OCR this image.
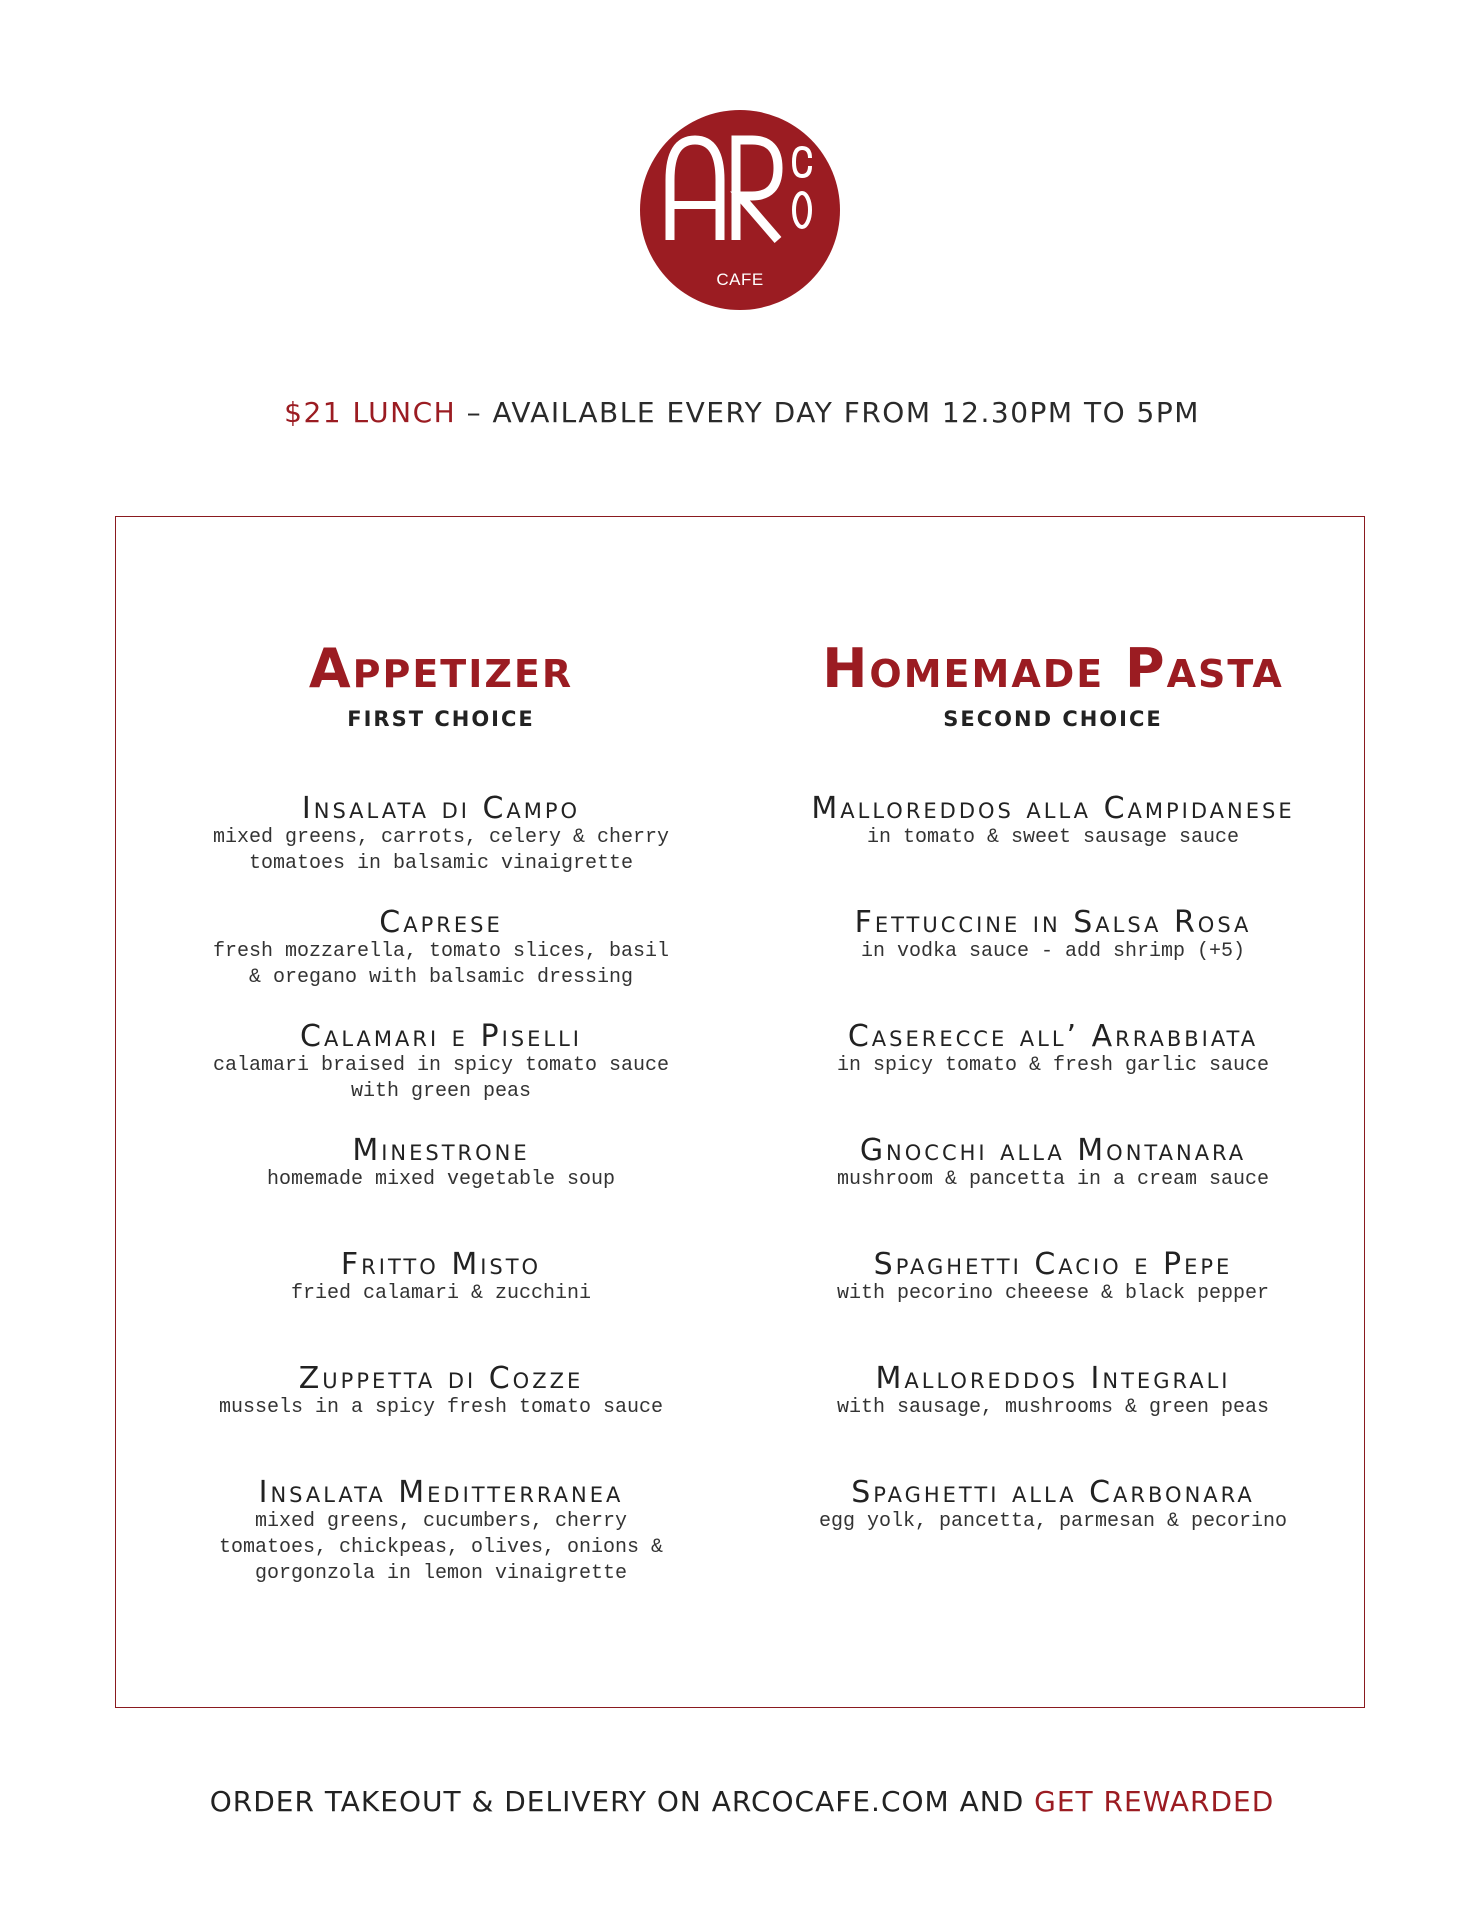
CAFE
$21 LUNCH – AVAILABLE EVERY DAY FROM 12.30PM TO 5PM
Appetizer
FIRST CHOICE
Insalata di Campo
mixed greens, carrots, celery & cherry tomatoes in balsamic vinaigrette
Caprese
fresh mozzarella, tomato slices, basil & oregano with balsamic dressing
Calamari e Piselli
calamari braised in spicy tomato sauce with green peas
Minestrone
homemade mixed vegetable soup
Fritto Misto
fried calamari & zucchini
Zuppetta di Cozze
mussels in a spicy fresh tomato sauce
Insalata Meditterranea
mixed greens, cucumbers, cherry tomatoes, chickpeas, olives, onions & gorgonzola in lemon vinaigrette
Homemade Pasta
SECOND CHOICE
Malloreddos alla Campidanese
in tomato & sweet sausage sauce
Fettuccine in Salsa Rosa
in vodka sauce - add shrimp (+5)
Caserecce all’ Arrabbiata
in spicy tomato & fresh garlic sauce
Gnocchi alla Montanara
mushroom & pancetta in a cream sauce
Spaghetti Cacio e Pepe
with pecorino cheeese & black pepper
Malloreddos Integrali
with sausage, mushrooms & green peas
Spaghetti alla Carbonara
egg yolk, pancetta, parmesan & pecorino
ORDER TAKEOUT & DELIVERY ON ARCOCAFE.COM AND GET REWARDED
